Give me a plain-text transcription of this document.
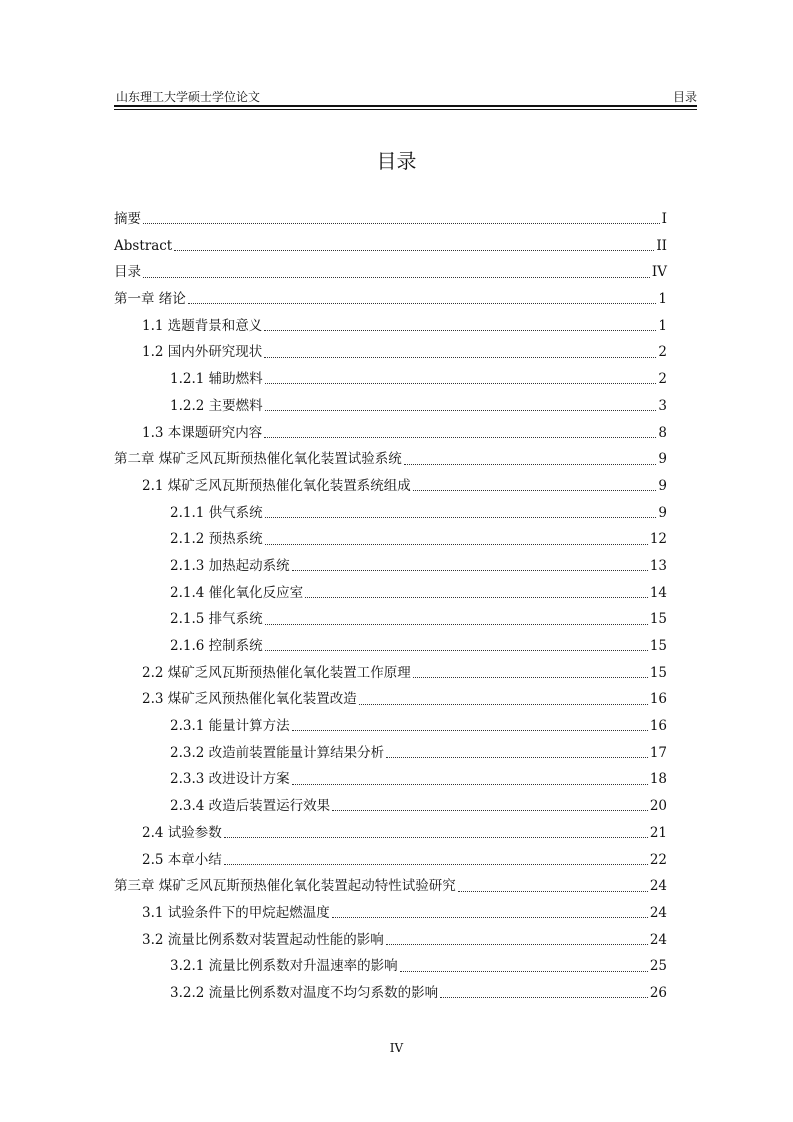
山东理工大学硕士学位论文	目录
目录
摘要	I
Abstract	II
目录	IV
第一章 绪论	1
1.1 选题背景和意义	1
1.2 国内外研究现状	2
1.2.1 辅助燃料	2
1.2.2 主要燃料	3
1.3 本课题研究内容	8
第二章 煤矿乏风瓦斯预热催化氧化装置试验系统	9
2.1 煤矿乏风瓦斯预热催化氧化装置系统组成	9
2.1.1 供气系统	9
2.1.2 预热系统	12
2.1.3 加热起动系统	13
2.1.4 催化氧化反应室	14
2.1.5 排气系统	15
2.1.6 控制系统	15
2.2 煤矿乏风瓦斯预热催化氧化装置工作原理	15
2.3 煤矿乏风预热催化氧化装置改造	16
2.3.1 能量计算方法	16
2.3.2 改造前装置能量计算结果分析	17
2.3.3 改进设计方案	18
2.3.4 改造后装置运行效果	20
2.4 试验参数	21
2.5 本章小结	22
第三章 煤矿乏风瓦斯预热催化氧化装置起动特性试验研究	24
3.1 试验条件下的甲烷起燃温度	24
3.2 流量比例系数对装置起动性能的影响	24
3.2.1 流量比例系数对升温速率的影响	25
3.2.2 流量比例系数对温度不均匀系数的影响	26
IV
